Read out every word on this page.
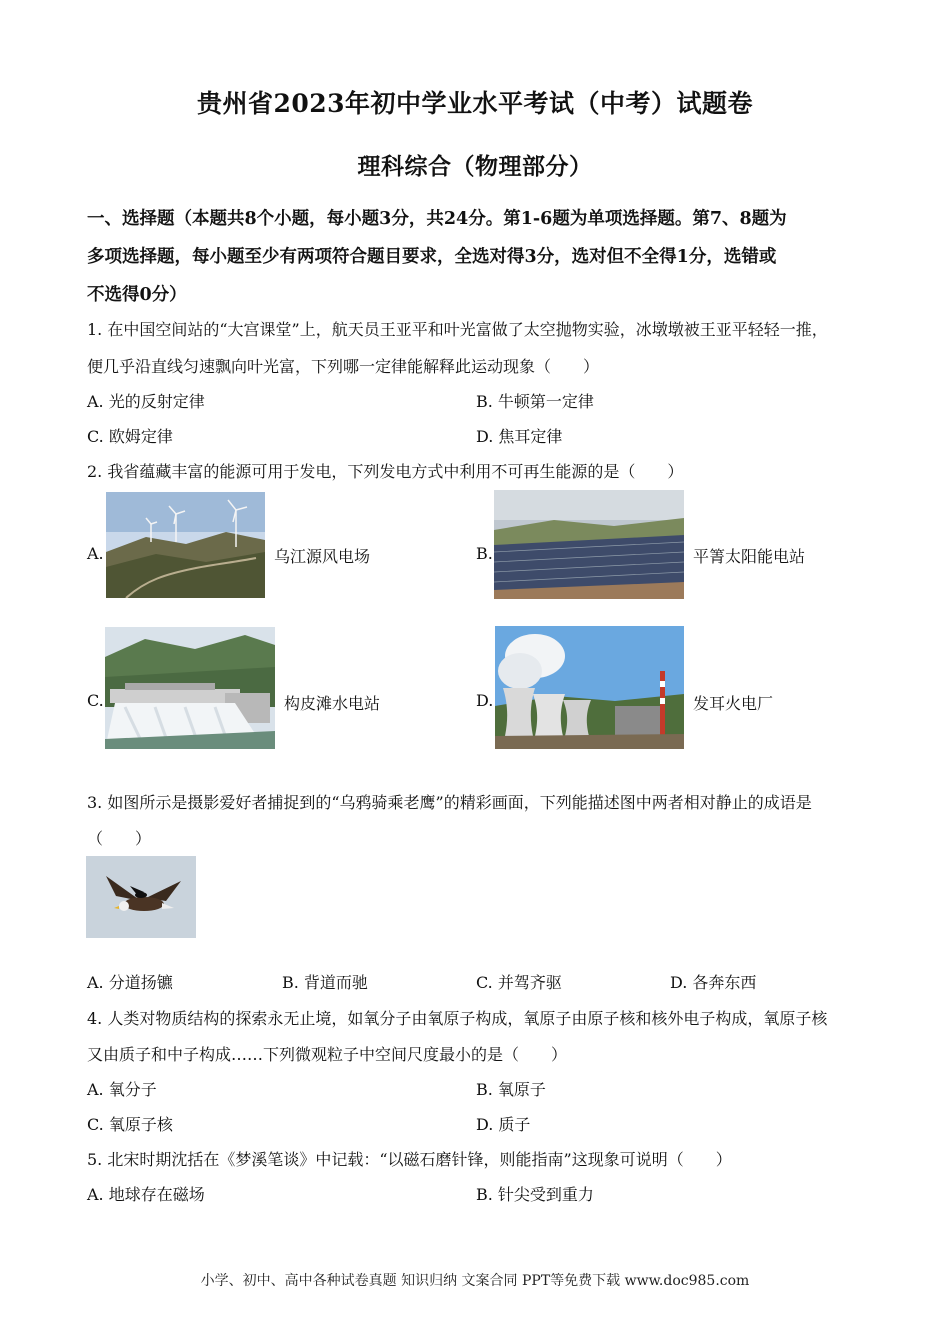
贵州省2023年初中学业水平考试（中考）试题卷
理科综合（物理部分）
一、选择题（本题共8个小题，每小题3分，共24分。第1-6题为单项选择题。第7、8题为
多项选择题，每小题至少有两项符合题目要求，全选对得3分，选对但不全得1分，选错或
不选得0分）
1. 在中国空间站的“大宫课堂”上，航天员王亚平和叶光富做了太空抛物实验，冰墩墩被王亚平轻轻一推，
便几乎沿直线匀速飘向叶光富，下列哪一定律能解释此运动现象（　　）
A. 光的反射定律	B. 牛顿第一定律
C. 欧姆定律	D. 焦耳定律
2. 我省蕴藏丰富的能源可用于发电，下列发电方式中利用不可再生能源的是（　　）
A.	乌江源风电场	B.	平箐太阳能电站
C.	构皮滩水电站	D.	发耳火电厂
3. 如图所示是摄影爱好者捕捉到的“乌鸦骑乘老鹰”的精彩画面，下列能描述图中两者相对静止的成语是
（　　）
A. 分道扬镳	B. 背道而驰	C. 并驾齐驱	D. 各奔东西
4. 人类对物质结构的探索永无止境，如氧分子由氧原子构成，氧原子由原子核和核外电子构成，氧原子核
又由质子和中子构成……下列微观粒子中空间尺度最小的是（　　）
A. 氧分子	B. 氧原子
C. 氧原子核	D. 质子
5. 北宋时期沈括在《梦溪笔谈》中记载：“以磁石磨针锋，则能指南”这现象可说明（　　）
A. 地球存在磁场	B. 针尖受到重力
小学、初中、高中各种试卷真题 知识归纳 文案合同 PPT等免费下载 www.doc985.com
